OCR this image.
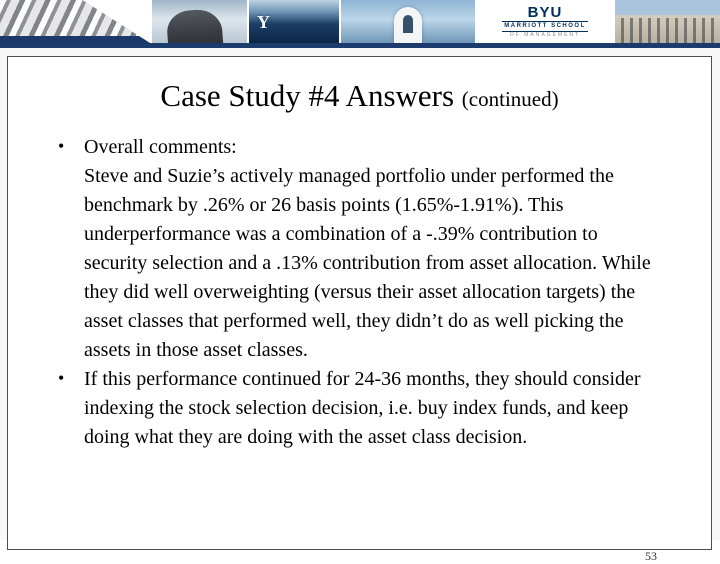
Y	BYU
MARRIOTT SCHOOL
OF MANAGEMENT
Case Study #4 Answers (continued)
• Overall comments:
Steve and Suzie’s actively managed portfolio under performed the benchmark by .26% or 26 basis points (1.65%-1.91%). This underperformance was a combination of a -.39% contribution to security selection and a .13% contribution from asset allocation. While they did well overweighting (versus their asset allocation targets) the asset classes that performed well, they didn’t do as well picking the assets in those asset classes.
• If this performance continued for 24-36 months, they should consider indexing the stock selection decision, i.e. buy index funds, and keep doing what they are doing with the asset class decision.
53
